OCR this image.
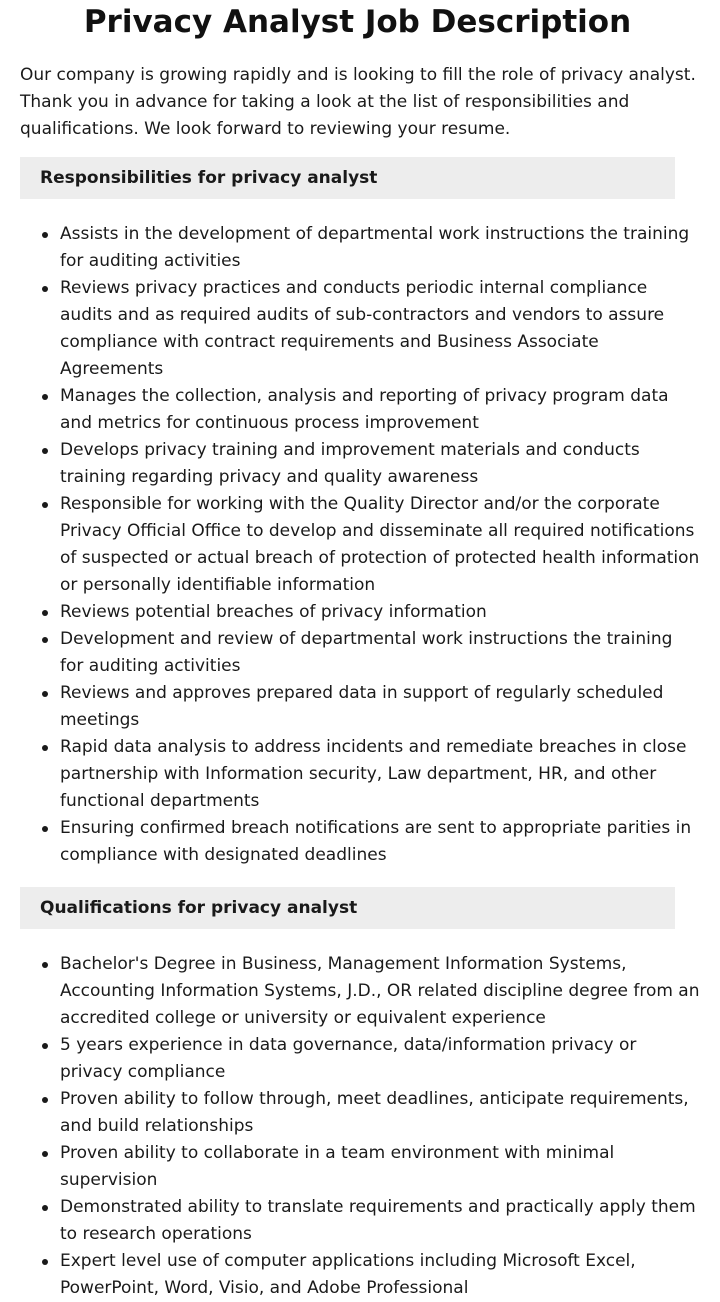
Privacy Analyst Job Description

Our company is growing rapidly and is looking to fill the role of privacy analyst. Thank you in advance for taking a look at the list of responsibilities and qualifications. We look forward to reviewing your resume.

Responsibilities for privacy analyst
Assists in the development of departmental work instructions the training for auditing activities
Reviews privacy practices and conducts periodic internal compliance audits and as required audits of sub-contractors and vendors to assure compliance with contract requirements and Business Associate Agreements
Manages the collection, analysis and reporting of privacy program data and metrics for continuous process improvement
Develops privacy training and improvement materials and conducts training regarding privacy and quality awareness
Responsible for working with the Quality Director and/or the corporate Privacy Official Office to develop and disseminate all required notifications of suspected or actual breach of protection of protected health information or personally identifiable information
Reviews potential breaches of privacy information
Development and review of departmental work instructions the training for auditing activities
Reviews and approves prepared data in support of regularly scheduled meetings
Rapid data analysis to address incidents and remediate breaches in close partnership with Information security, Law department, HR, and other functional departments
Ensuring confirmed breach notifications are sent to appropriate parities in compliance with designated deadlines
Qualifications for privacy analyst
Bachelor's Degree in Business, Management Information Systems, Accounting Information Systems, J.D., OR related discipline degree from an accredited college or university or equivalent experience
5 years experience in data governance, data/information privacy or privacy compliance
Proven ability to follow through, meet deadlines, anticipate requirements, and build relationships
Proven ability to collaborate in a team environment with minimal supervision
Demonstrated ability to translate requirements and practically apply them to research operations
Expert level use of computer applications including Microsoft Excel, PowerPoint, Word, Visio, and Adobe Professional
